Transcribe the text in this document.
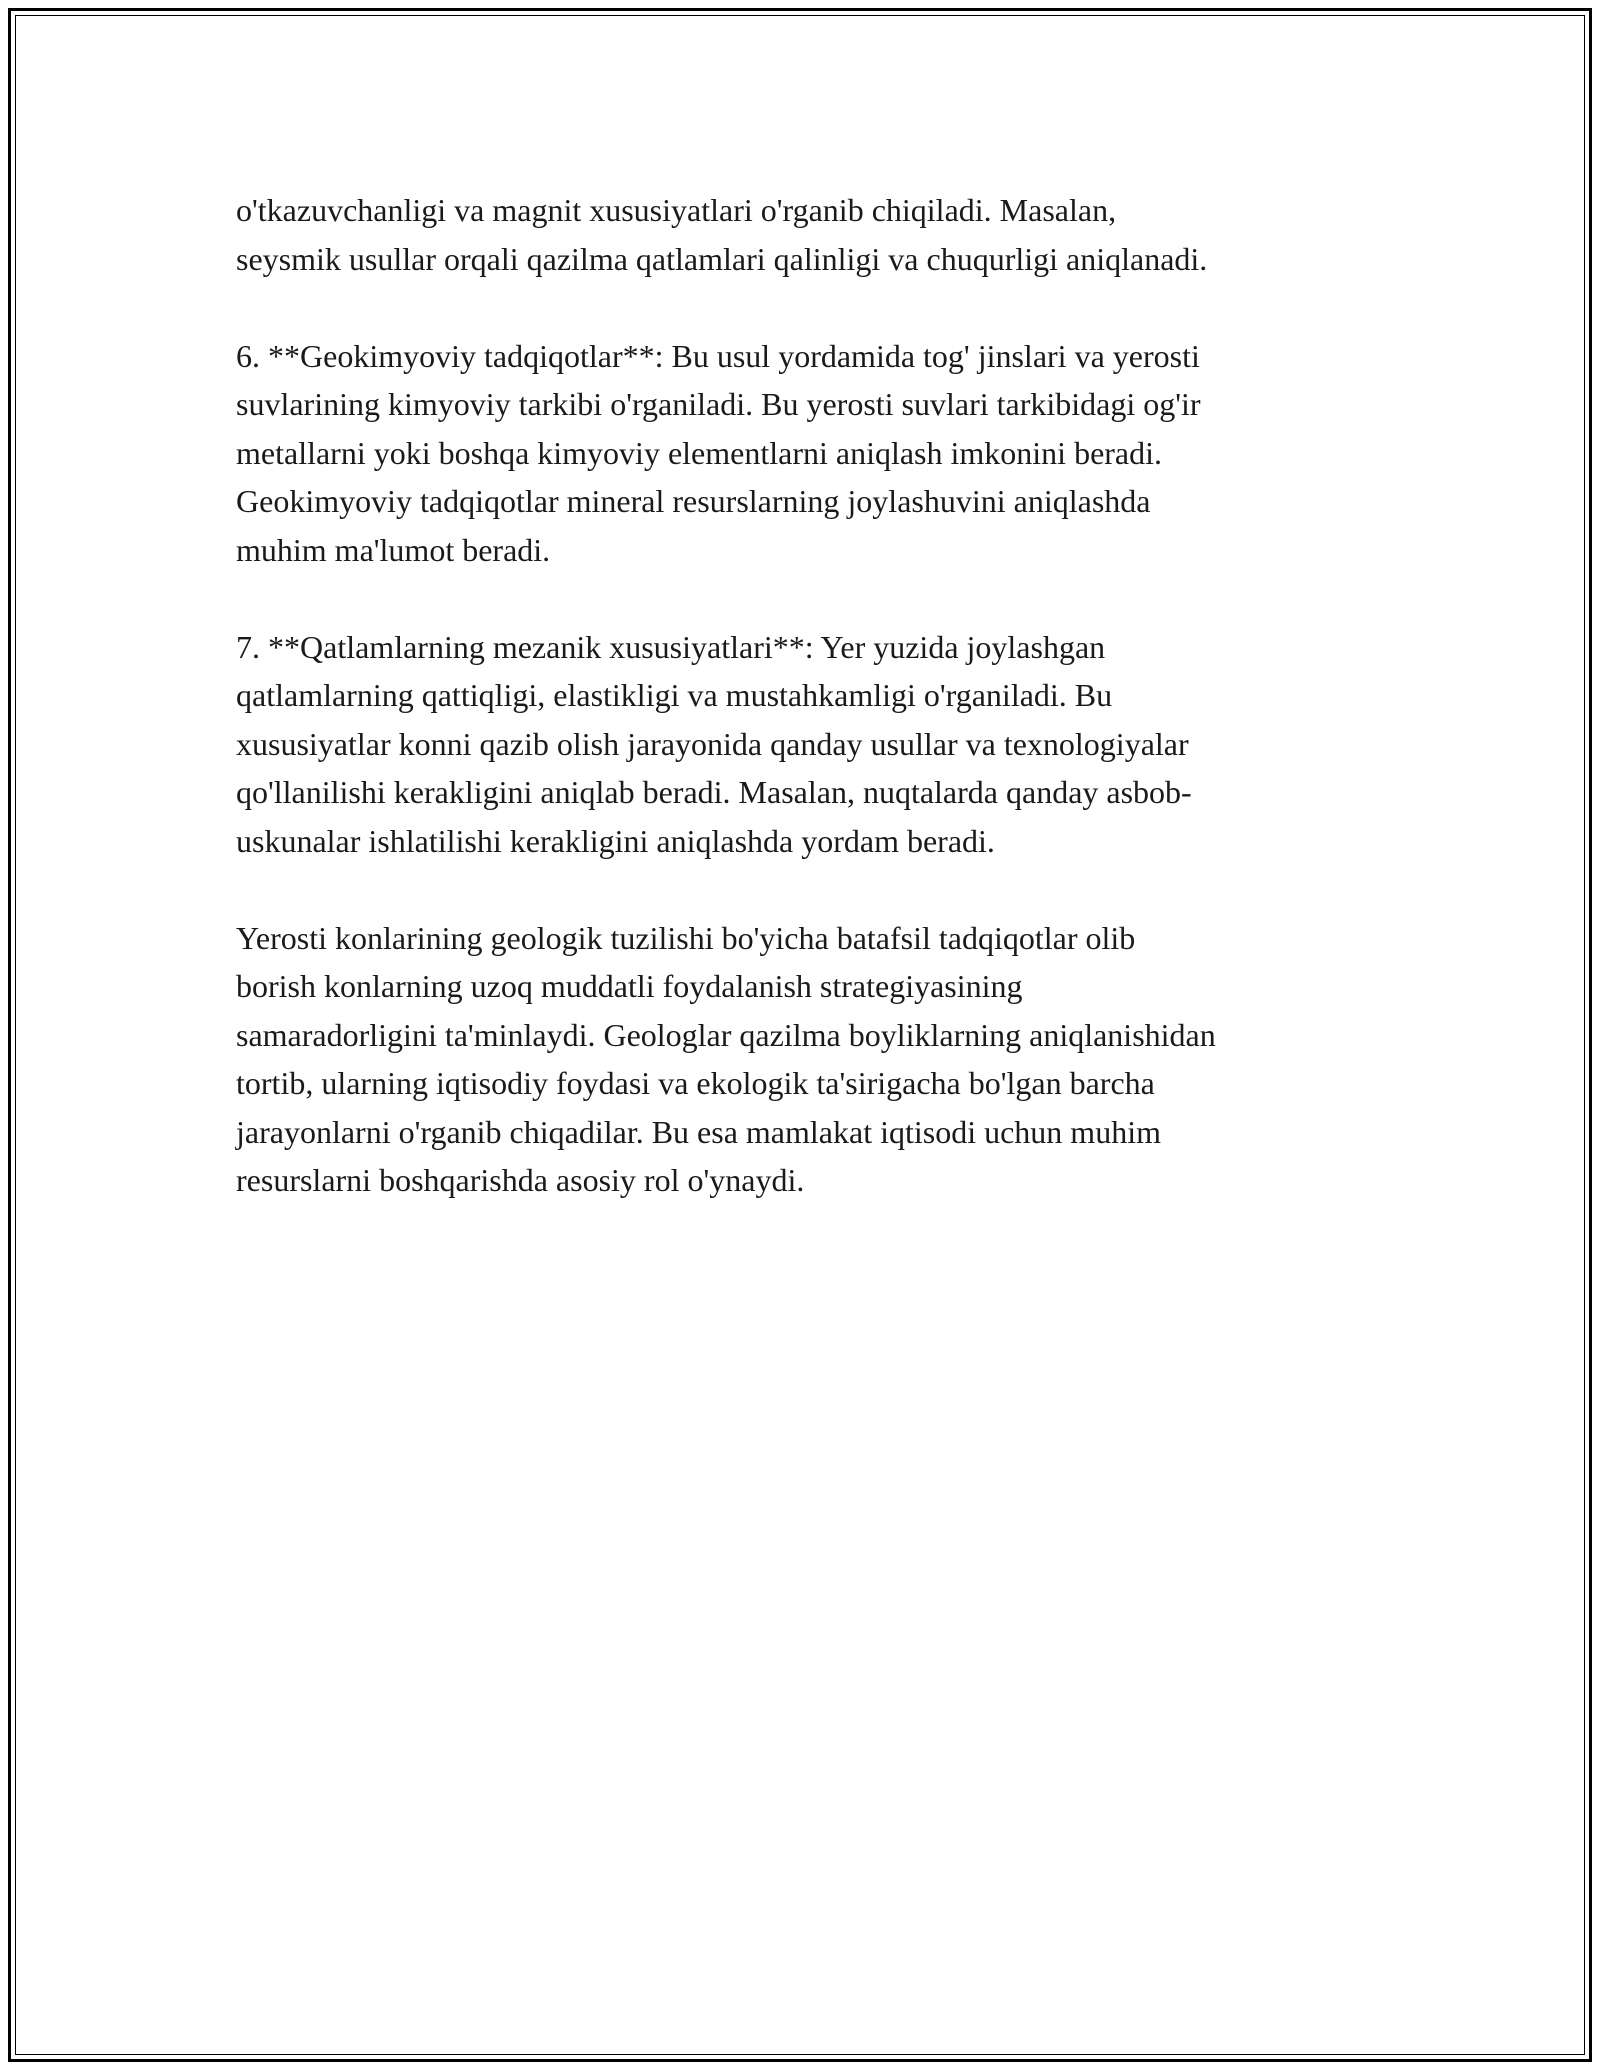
o'tkazuvchanligi va magnit xususiyatlari o'rganib chiqiladi. Masalan,
seysmik usullar orqali qazilma qatlamlari qalinligi va chuqurligi aniqlanadi.

6. **Geokimyoviy tadqiqotlar**: Bu usul yordamida tog' jinslari va yerosti
suvlarining kimyoviy tarkibi o'rganiladi. Bu yerosti suvlari tarkibidagi og'ir
metallarni yoki boshqa kimyoviy elementlarni aniqlash imkonini beradi.
Geokimyoviy tadqiqotlar mineral resurslarning joylashuvini aniqlashda
muhim ma'lumot beradi.

7. **Qatlamlarning mezanik xususiyatlari**: Yer yuzida joylashgan
qatlamlarning qattiqligi, elastikligi va mustahkamligi o'rganiladi. Bu
xususiyatlar konni qazib olish jarayonida qanday usullar va texnologiyalar
qo'llanilishi kerakligini aniqlab beradi. Masalan, nuqtalarda qanday asbob-
uskunalar ishlatilishi kerakligini aniqlashda yordam beradi.

Yerosti konlarining geologik tuzilishi bo'yicha batafsil tadqiqotlar olib
borish konlarning uzoq muddatli foydalanish strategiyasining
samaradorligini ta'minlaydi. Geologlar qazilma boyliklarning aniqlanishidan
tortib, ularning iqtisodiy foydasi va ekologik ta'sirigacha bo'lgan barcha
jarayonlarni o'rganib chiqadilar. Bu esa mamlakat iqtisodi uchun muhim
resurslarni boshqarishda asosiy rol o'ynaydi.
